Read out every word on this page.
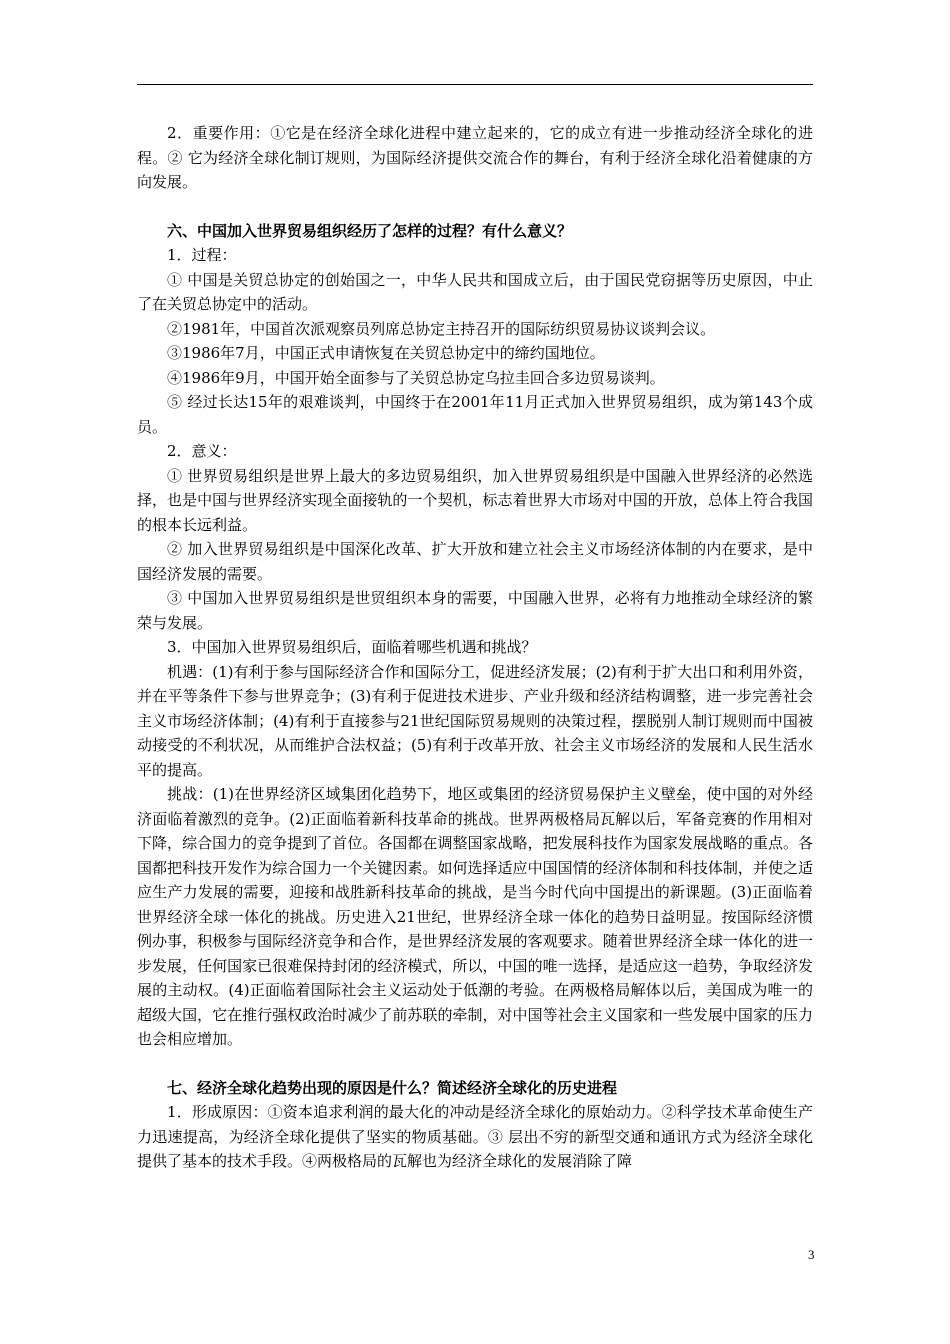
2．重要作用：①它是在经济全球化进程中建立起来的，它的成立有进一步推动经济全球化的进程。② 它为经济全球化制订规则，为国际经济提供交流合作的舞台，有利于经济全球化沿着健康的方向发展。

六、中国加入世界贸易组织经历了怎样的过程？有什么意义？

1．过程：

① 中国是关贸总协定的创始国之一，中华人民共和国成立后，由于国民党窃据等历史原因，中止了在关贸总协定中的活动。

②1981年，中国首次派观察员列席总协定主持召开的国际纺织贸易协议谈判会议。

③1986年7月，中国正式申请恢复在关贸总协定中的缔约国地位。

④1986年9月，中国开始全面参与了关贸总协定乌拉圭回合多边贸易谈判。

⑤ 经过长达15年的艰难谈判，中国终于在2001年11月正式加入世界贸易组织，成为第143个成员。

2．意义：

① 世界贸易组织是世界上最大的多边贸易组织，加入世界贸易组织是中国融入世界经济的必然选择，也是中国与世界经济实现全面接轨的一个契机，标志着世界大市场对中国的开放，总体上符合我国的根本长远利益。

② 加入世界贸易组织是中国深化改革、扩大开放和建立社会主义市场经济体制的内在要求，是中国经济发展的需要。

③ 中国加入世界贸易组织是世贸组织本身的需要，中国融入世界，必将有力地推动全球经济的繁荣与发展。

3．中国加入世界贸易组织后，面临着哪些机遇和挑战？

机遇：(1)有利于参与国际经济合作和国际分工，促进经济发展；(2)有利于扩大出口和利用外资，并在平等条件下参与世界竞争；(3)有利于促进技术进步、产业升级和经济结构调整，进一步完善社会主义市场经济体制；(4)有利于直接参与21世纪国际贸易规则的决策过程，摆脱别人制订规则而中国被动接受的不利状况，从而维护合法权益；(5)有利于改革开放、社会主义市场经济的发展和人民生活水平的提高。

挑战：(1)在世界经济区域集团化趋势下，地区或集团的经济贸易保护主义壁垒，使中国的对外经济面临着激烈的竞争。(2)正面临着新科技革命的挑战。世界两极格局瓦解以后，军备竞赛的作用相对下降，综合国力的竞争提到了首位。各国都在调整国家战略，把发展科技作为国家发展战略的重点。各国都把科技开发作为综合国力一个关键因素。如何选择适应中国国情的经济体制和科技体制，并使之适应生产力发展的需要，迎接和战胜新科技革命的挑战，是当今时代向中国提出的新课题。(3)正面临着世界经济全球一体化的挑战。历史进入21世纪，世界经济全球一体化的趋势日益明显。按国际经济惯例办事，积极参与国际经济竞争和合作，是世界经济发展的客观要求。随着世界经济全球一体化的进一步发展，任何国家已很难保持封闭的经济模式，所以，中国的唯一选择，是适应这一趋势，争取经济发展的主动权。(4)正面临着国际社会主义运动处于低潮的考验。在两极格局解体以后，美国成为唯一的超级大国，它在推行强权政治时减少了前苏联的牵制，对中国等社会主义国家和一些发展中国家的压力也会相应增加。

七、经济全球化趋势出现的原因是什么？简述经济全球化的历史进程

1．形成原因：①资本追求利润的最大化的冲动是经济全球化的原始动力。②科学技术革命使生产力迅速提高，为经济全球化提供了坚实的物质基础。③ 层出不穷的新型交通和通讯方式为经济全球化提供了基本的技术手段。④两极格局的瓦解也为经济全球化的发展消除了障

3
